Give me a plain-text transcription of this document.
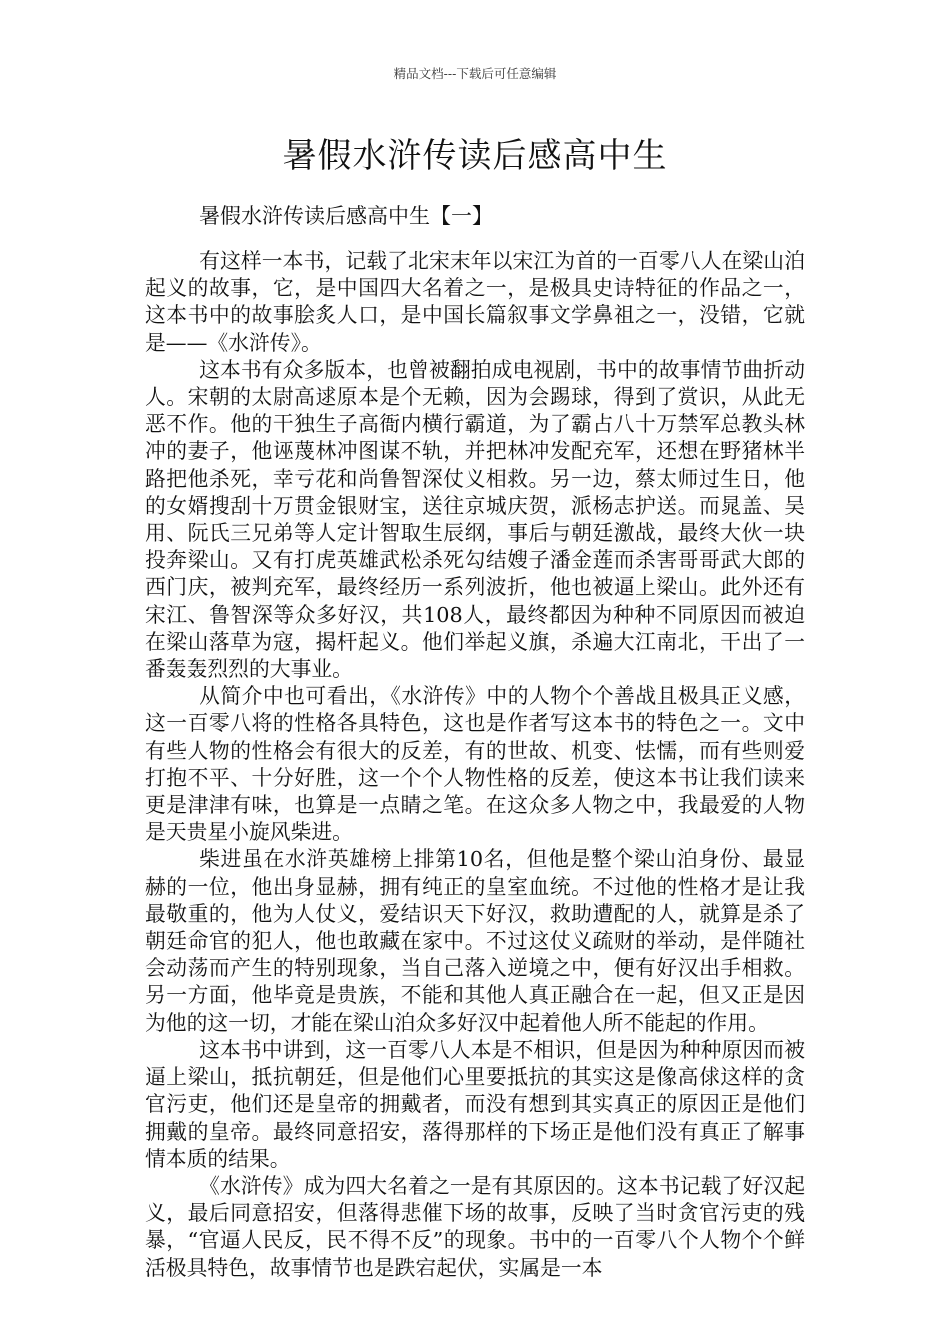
精品文档---下载后可任意编辑
暑假水浒传读后感高中生
暑假水浒传读后感高中生【一】

有这样一本书，记载了北宋末年以宋江为首的一百零八人在梁山泊起义的故事，它，是中国四大名着之一，是极具史诗特征的作品之一，这本书中的故事脍炙人口，是中国长篇叙事文学鼻祖之一，没错，它就是——《水浒传》。

这本书有众多版本，也曾被翻拍成电视剧，书中的故事情节曲折动人。宋朝的太尉高逑原本是个无赖，因为会踢球，得到了赏识，从此无恶不作。他的干独生子高衙内横行霸道，为了霸占八十万禁军总教头林冲的妻子，他诬蔑林冲图谋不轨，并把林冲发配充军，还想在野猪林半路把他杀死，幸亏花和尚鲁智深仗义相救。另一边，蔡太师过生日，他的女婿搜刮十万贯金银财宝，送往京城庆贺，派杨志护送。而晁盖、吴用、阮氏三兄弟等人定计智取生辰纲，事后与朝廷激战，最终大伙一块投奔梁山。又有打虎英雄武松杀死勾结嫂子潘金莲而杀害哥哥武大郎的西门庆，被判充军，最终经历一系列波折，他也被逼上梁山。此外还有宋江、鲁智深等众多好汉，共108人，最终都因为种种不同原因而被迫在梁山落草为寇，揭杆起义。他们举起义旗，杀遍大江南北，干出了一番轰轰烈烈的大事业。

从简介中也可看出，《水浒传》中的人物个个善战且极具正义感，这一百零八将的性格各具特色，这也是作者写这本书的特色之一。文中有些人物的性格会有很大的反差，有的世故、机变、怯懦，而有些则爱打抱不平、十分好胜，这一个个人物性格的反差，使这本书让我们读来更是津津有味，也算是一点睛之笔。在这众多人物之中，我最爱的人物是天贵星小旋风柴进。

柴进虽在水浒英雄榜上排第10名，但他是整个梁山泊身份、最显赫的一位，他出身显赫，拥有纯正的皇室血统。不过他的性格才是让我最敬重的，他为人仗义，爱结识天下好汉，救助遭配的人，就算是杀了朝廷命官的犯人，他也敢藏在家中。不过这仗义疏财的举动，是伴随社会动荡而产生的特别现象，当自己落入逆境之中，便有好汉出手相救。另一方面，他毕竟是贵族，不能和其他人真正融合在一起，但又正是因为他的这一切，才能在梁山泊众多好汉中起着他人所不能起的作用。

这本书中讲到，这一百零八人本是不相识，但是因为种种原因而被逼上梁山，抵抗朝廷，但是他们心里要抵抗的其实这是像高俅这样的贪官污吏，他们还是皇帝的拥戴者，而没有想到其实真正的原因正是他们拥戴的皇帝。最终同意招安，落得那样的下场正是他们没有真正了解事情本质的结果。

《水浒传》成为四大名着之一是有其原因的。这本书记载了好汉起义，最后同意招安，但落得悲催下场的故事，反映了当时贪官污吏的残暴，“官逼人民反，民不得不反”的现象。书中的一百零八个人物个个鲜活极具特色，故事情节也是跌宕起伏，实属是一本
